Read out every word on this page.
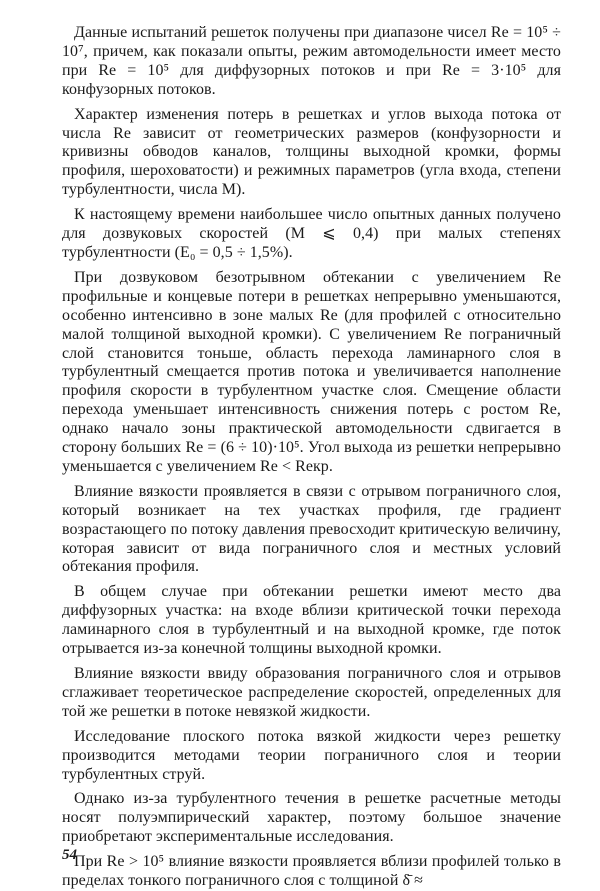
Данные испытаний решеток получены при диапазоне чисел Re = 10⁵ ÷ 10⁷, причем, как показали опыты, режим автомодельности имеет место при Re = 10⁵ для диффузорных потоков и при Re = 3·10⁵ для конфузорных потоков.

Характер изменения потерь в решетках и углов выхода потока от числа Re зависит от геометрических размеров (конфузорности и кривизны обводов каналов, толщины выходной кромки, формы профиля, шероховатости) и режимных параметров (угла входа, степени турбулентности, числа M).

К настоящему времени наибольшее число опытных данных получено для дозвуковых скоростей (M ⩽ 0,4) при малых степенях турбулентности (E₀ = 0,5 ÷ 1,5%).

При дозвуковом безотрывном обтекании с увеличением Re профильные и концевые потери в решетках непрерывно уменьшаются, особенно интенсивно в зоне малых Re (для профилей с относительно малой толщиной выходной кромки). С увеличением Re пограничный слой становится тоньше, область перехода ламинарного слоя в турбулентный смещается против потока и увеличивается наполнение профиля скорости в турбулентном участке слоя. Смещение области перехода уменьшает интенсивность снижения потерь с ростом Re, однако начало зоны практической автомодельности сдвигается в сторону больших Re = (6 ÷ 10)·10⁵. Угол выхода из решетки непрерывно уменьшается с увеличением Re < Reкр.

Влияние вязкости проявляется в связи с отрывом пограничного слоя, который возникает на тех участках профиля, где градиент возрастающего по потоку давления превосходит критическую величину, которая зависит от вида пограничного слоя и местных условий обтекания профиля.

В общем случае при обтекании решетки имеют место два диффузорных участка: на входе вблизи критической точки перехода ламинарного слоя в турбулентный и на выходной кромке, где поток отрывается из-за конечной толщины выходной кромки.

Влияние вязкости ввиду образования пограничного слоя и отрывов сглаживает теоретическое распределение скоростей, определенных для той же решетки в потоке невязкой жидкости.

Исследование плоского потока вязкой жидкости через решетку производится методами теории пограничного слоя и теории турбулентных струй.

Однако из-за турбулентного течения в решетке расчетные методы носят полуэмпирический характер, поэтому большое значение приобретают экспериментальные исследования.

При Re > 10⁵ влияние вязкости проявляется вблизи профилей только в пределах тонкого пограничного слоя с толщиной δ̄ ≈

54
